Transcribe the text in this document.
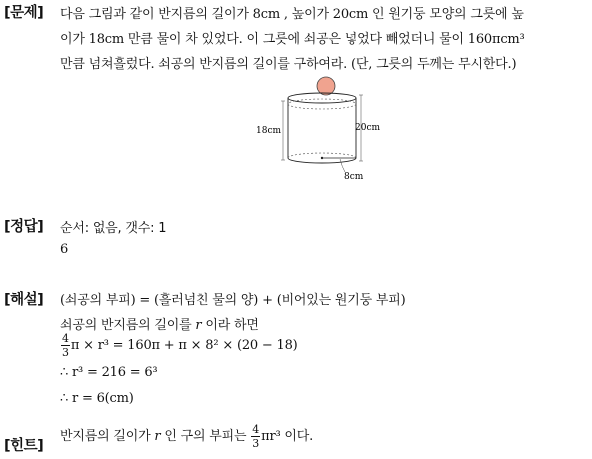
[문제] 다음 그림과 같이 반지름의 길이가 8cm , 높이가 20cm 인 원기둥 모양의 그릇에 높
이가 18cm 만큼 물이 차 있었다. 이 그릇에 쇠공은 넣었다 빼었더니 물이 160πcm³
만큼 넘쳐흘렀다. 쇠공의 반지름의 길이를 구하여라. (단, 그릇의 두께는 무시한다.)
18cm	20cm
8cm
[정답] 순서: 없음, 갯수: 1
6
[해설] (쇠공의 부피) = (흘러넘친 물의 양) + (비어있는 원기둥 부피)
쇠공의 반지름의 길이를 r 이라 하면
$\frac{4}{3}$ π × r³ = 160π + π × 8² × (20 − 18)
∴ r³ = 216 = 6³
∴ r = 6(cm)
[힌트]
반지름의 길이가 r 인 구의 부피는 $\frac{4}{3} \pi r^3$ 이다.
